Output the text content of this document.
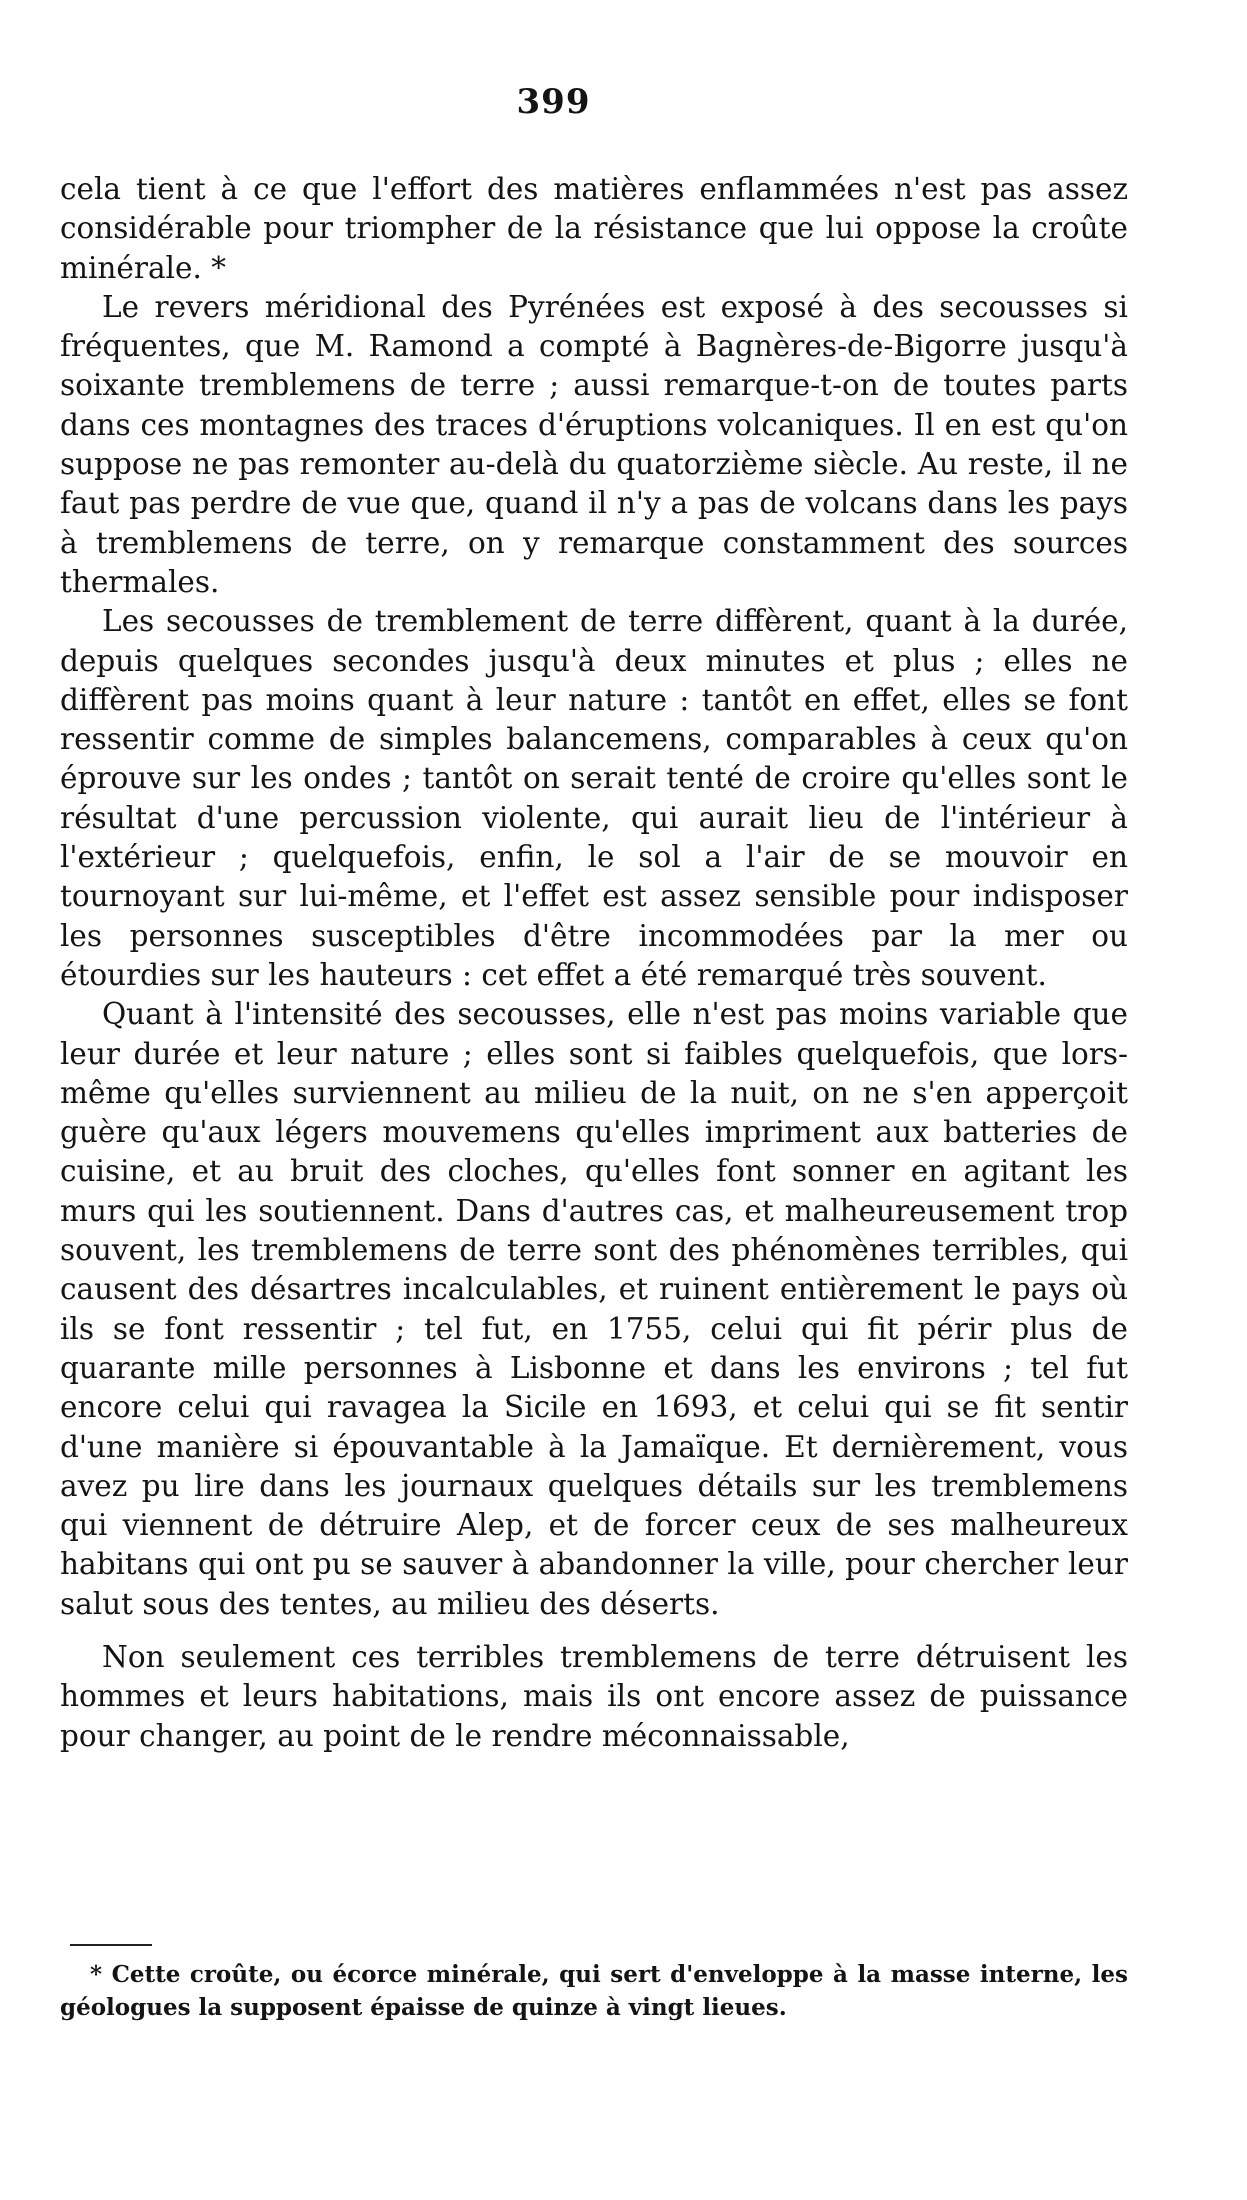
399

cela tient à ce que l'effort des matières enflammées n'est pas assez considérable pour triompher de la résistance que lui oppose la croûte minérale. *

Le revers méridional des Pyrénées est exposé à des secousses si fréquentes, que M. Ramond a compté à Bagnères-de-Bigorre jusqu'à soixante tremblemens de terre ; aussi remarque-t-on de toutes parts dans ces montagnes des traces d'éruptions volcaniques. Il en est qu'on suppose ne pas remonter au-delà du quatorzième siècle. Au reste, il ne faut pas perdre de vue que, quand il n'y a pas de volcans dans les pays à tremblemens de terre, on y remarque constamment des sources thermales.

Les secousses de tremblement de terre diffèrent, quant à la durée, depuis quelques secondes jusqu'à deux minutes et plus ; elles ne diffèrent pas moins quant à leur nature : tantôt en effet, elles se font ressentir comme de simples balancemens, comparables à ceux qu'on éprouve sur les ondes ; tantôt on serait tenté de croire qu'elles sont le résultat d'une percussion violente, qui aurait lieu de l'intérieur à l'extérieur ; quelquefois, enfin, le sol a l'air de se mouvoir en tournoyant sur lui-même, et l'effet est assez sensible pour indisposer les personnes susceptibles d'être incommodées par la mer ou étourdies sur les hauteurs : cet effet a été remarqué très souvent.

Quant à l'intensité des secousses, elle n'est pas moins variable que leur durée et leur nature ; elles sont si faibles quelquefois, que lors-même qu'elles surviennent au milieu de la nuit, on ne s'en apperçoit guère qu'aux légers mouvemens qu'elles impriment aux batteries de cuisine, et au bruit des cloches, qu'elles font sonner en agitant les murs qui les soutiennent. Dans d'autres cas, et malheureusement trop souvent, les tremblemens de terre sont des phénomènes terribles, qui causent des désartres incalculables, et ruinent entièrement le pays où ils se font ressentir ; tel fut, en 1755, celui qui fit périr plus de quarante mille personnes à Lisbonne et dans les environs ; tel fut encore celui qui ravagea la Sicile en 1693, et celui qui se fit sentir d'une manière si épouvantable à la Jamaïque. Et dernièrement, vous avez pu lire dans les journaux quelques détails sur les tremblemens qui viennent de détruire Alep, et de forcer ceux de ses malheureux habitans qui ont pu se sauver à abandonner la ville, pour chercher leur salut sous des tentes, au milieu des déserts.

Non seulement ces terribles tremblemens de terre détruisent les hommes et leurs habitations, mais ils ont encore assez de puissance pour changer, au point de le rendre méconnaissable,

* Cette croûte, ou écorce minérale, qui sert d'enveloppe à la masse interne, les géologues la supposent épaisse de quinze à vingt lieues.
